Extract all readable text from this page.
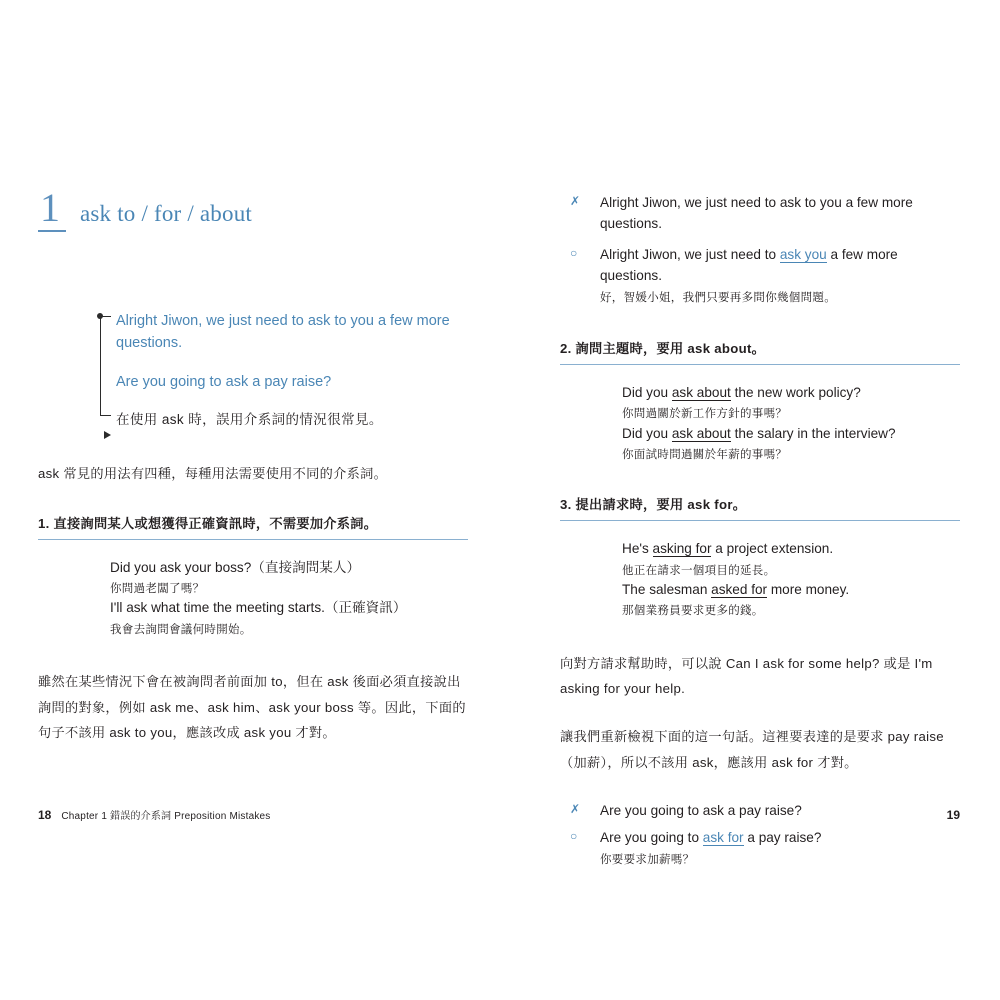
1 ask to / for / about
Alright Jiwon, we just need to ask to you a few more
questions.
Are you going to ask a pay raise?
在使用 ask 時，誤用介系詞的情況很常見。
ask 常見的用法有四種，每種用法需要使用不同的介系詞。
1. 直接詢問某人或想獲得正確資訊時，不需要加介系詞。
Did you ask your boss?（直接詢問某人）
你問過老闆了嗎？
I'll ask what time the meeting starts.（正確資訊）
我會去詢問會議何時開始。
雖然在某些情況下會在被詢問者前面加 to，但在 ask 後面必須直接說出詢問的對象，例如 ask me、ask him、ask your boss 等。因此，下面的句子不該用 ask to you，應該改成 ask you 才對。
✗	Alright Jiwon, we just need to ask to you a few more
questions.
○	Alright Jiwon, we just need to ask you a few more
questions.
好，智媛小姐，我們只要再多問你幾個問題。
2. 詢問主題時，要用 ask about。
Did you ask about the new work policy?
你問過關於新工作方針的事嗎？
Did you ask about the salary in the interview?
你面試時問過關於年薪的事嗎？
3. 提出請求時，要用 ask for。
He's asking for a project extension.
他正在請求一個項目的延長。
The salesman asked for more money.
那個業務員要求更多的錢。
向對方請求幫助時，可以說 Can I ask for some help? 或是 I'm asking for your help.
讓我們重新檢視下面的這一句話。這裡要表達的是要求 pay raise（加薪），所以不該用 ask，應該用 ask for 才對。
✗	Are you going to ask a pay raise?
○	Are you going to ask for a pay raise?
你要要求加薪嗎？
18 Chapter 1 錯誤的介系詞 Preposition Mistakes	19
